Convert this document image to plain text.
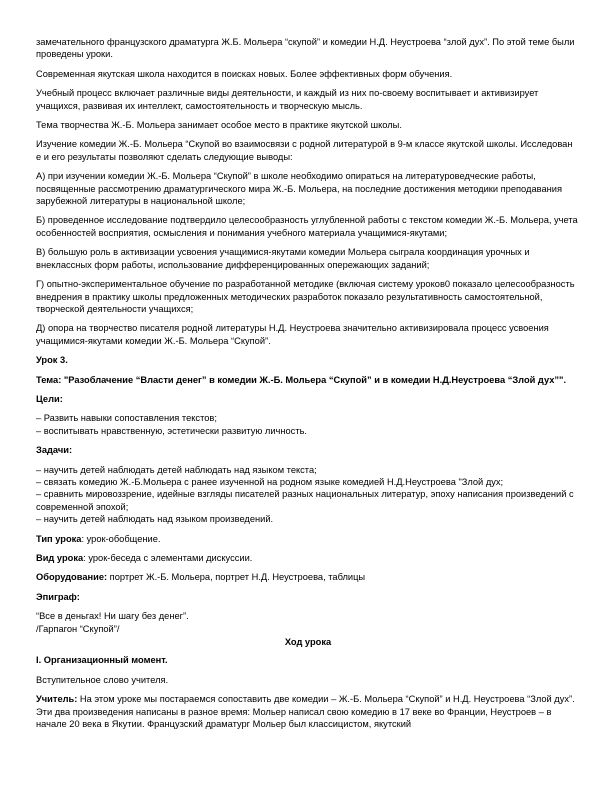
замечательного французского драматурга Ж.Б. Мольера “скупой” и комедии Н.Д. Неустроева “злой дух”. По этой теме были проведены уроки.

Современная якутская школа находится в поисках новых. Более эффективных форм обучения.

Учебный процесс включает различные виды деятельности, и каждый из них по-своему воспитывает и активизирует учащихся, развивая их интеллект, самостоятельность и творческую мысль.

Тема творчества Ж.-Б. Мольера занимает особое место в практике якутской школы.

Изучение комедии Ж.-Б. Мольера “Скупой во взаимосвязи с родной литературой в 9-м классе якутской школы. Исследован е и его результаты позволяют сделать следующие выводы:

А) при изучении комедии Ж.-Б. Мольера “Скупой” в школе необходимо опираться на литературоведческие работы, посвященные рассмотрению драматургического мира Ж.-Б. Мольера, на последние достижения методики преподавания зарубежной литературы в национальной школе;

Б) проведенное исследование подтвердило целесообразность углубленной работы с текстом комедии Ж.-Б. Мольера, учета особенностей восприятия, осмысления и понимания учебного материала учащимися-якутами;

В) большую роль в активизации усвоения учащимися-якутами комедии Мольера сыграла координация урочных и внеклассных форм работы, использование дифференцированных опережающих заданий;

Г) опытно-экспериментальное обучение по разработанной методике (включая систему уроков0 показало целесообразность внедрения в практику школы предложенных методических разработок показало результативность самостоятельной, творческой деятельности учащихся;

Д) опора на творчество писателя родной литературы Н.Д. Неустроева значительно активизировала процесс усвоения учащимися-якутами комедии Ж.-Б. Мольера “Скупой”.

Урок 3.
Тема: "Разоблачение “Власти денег” в комедии Ж.-Б. Мольера “Скупой” и в комедии Н.Д.Неустроева “Злой дух”".
Цели:
– Развить навыки сопоставления текстов;
– воспитывать нравственную, эстетически развитую личность.
Задачи:
– научить детей наблюдать детей наблюдать над языком текста;
– связать комедию Ж.-Б.Мольера с ранее изученной на родном языке комедией Н.Д.Неустроева "Злой дух;
– сравнить мировоззрение, идейные взгляды писателей разных национальных литератур, эпоху написания произведений с современной эпохой;
– научить детей наблюдать над языком произведений.

Тип урока: урок-обобщение.

Вид урока: урок-беседа с элементами дискуссии.

Оборудование: портрет Ж.-Б. Мольера, портрет Н.Д. Неустроева, таблицы

Эпиграф:
“Все в деньгах! Ни шагу без денег”.
/Гарпагон “Скупой”/
Ход урока
I. Организационный момент.

Вступительное слово учителя.

Учитель: На этом уроке мы постараемся сопоставить две комедии – Ж.-Б. Мольера “Скупой” и Н.Д. Неустроева “Злой дух”. Эти два произведения написаны в разное время: Мольер написал свою комедию в 17 веке во Франции, Неустроев – в начале 20 века в Якутии. Французский драматург Мольер был классицистом, якутский
